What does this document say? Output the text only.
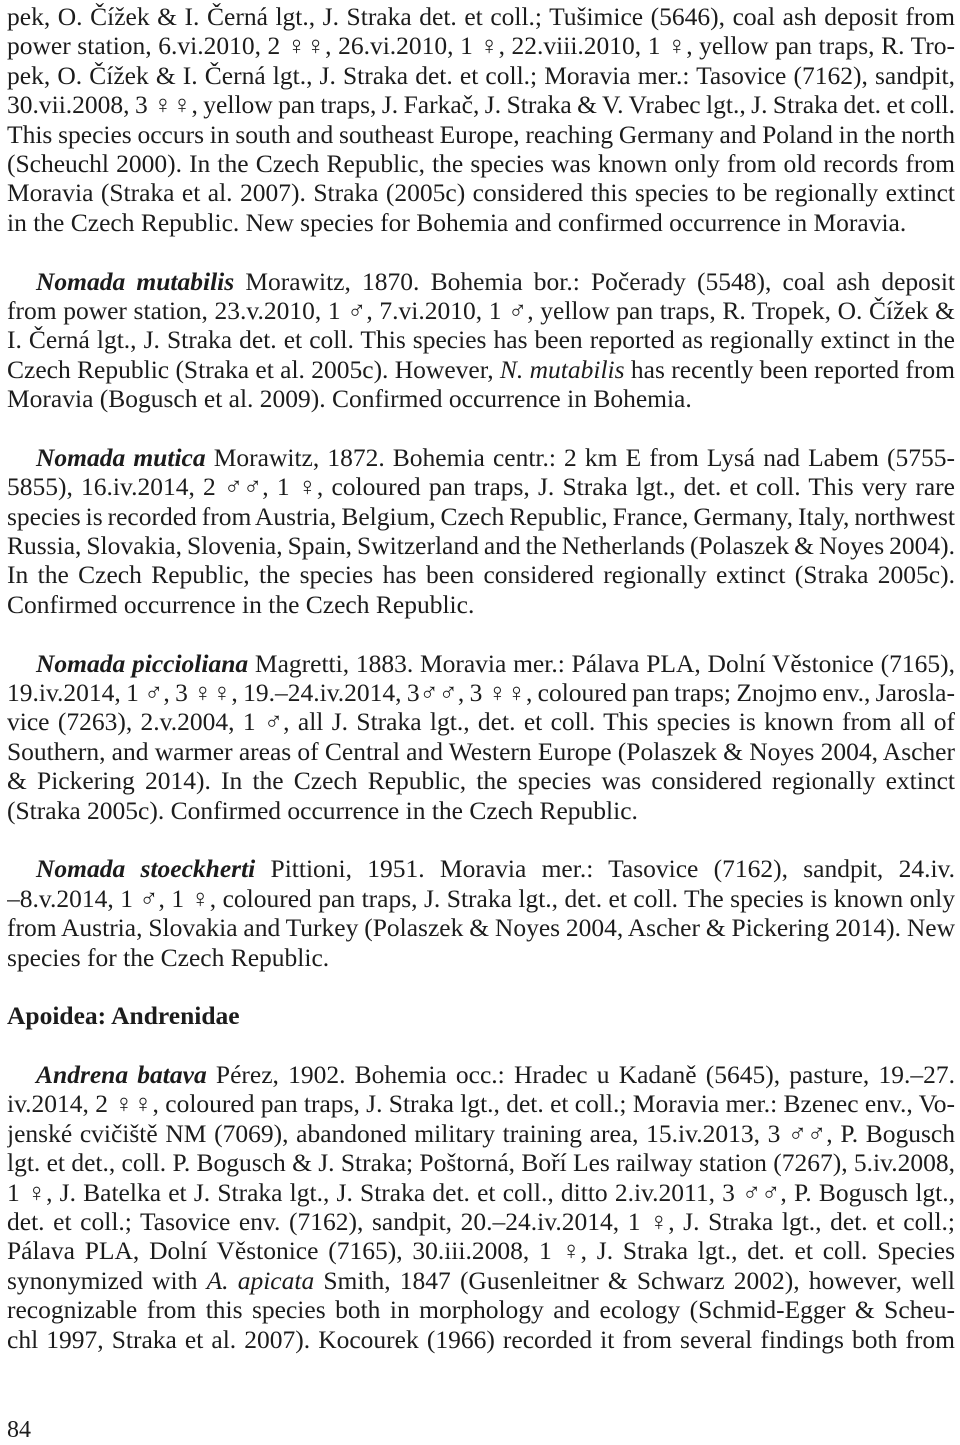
pek, O. Čížek & I. Černá lgt., J. Straka det. et coll.; Tušimice (5646), coal ash deposit from
power station, 6.vi.2010, 2 ♀♀, 26.vi.2010, 1 ♀, 22.viii.2010, 1 ♀, yellow pan traps, R. Tro-
pek, O. Čížek & I. Černá lgt., J. Straka det. et coll.; Moravia mer.: Tasovice (7162), sandpit,
30.vii.2008, 3 ♀♀, yellow pan traps, J. Farkač, J. Straka & V. Vrabec lgt., J. Straka det. et coll.
This species occurs in south and southeast Europe, reaching Germany and Poland in the north
(Scheuchl 2000). In the Czech Republic, the species was known only from old records from
Moravia (Straka et al. 2007). Straka (2005c) considered this species to be regionally extinct
in the Czech Republic. New species for Bohemia and confirmed occurrence in Moravia.
Nomada mutabilis Morawitz, 1870. Bohemia bor.: Počerady (5548), coal ash deposit
from power station, 23.v.2010, 1 ♂, 7.vi.2010, 1 ♂, yellow pan traps, R. Tropek, O. Čížek &
I. Černá lgt., J. Straka det. et coll. This species has been reported as regionally extinct in the
Czech Republic (Straka et al. 2005c). However, N. mutabilis has recently been reported from
Moravia (Bogusch et al. 2009). Confirmed occurrence in Bohemia.
Nomada mutica Morawitz, 1872. Bohemia centr.: 2 km E from Lysá nad Labem (5755-
5855), 16.iv.2014, 2 ♂♂, 1 ♀, coloured pan traps, J. Straka lgt., det. et coll. This very rare
species is recorded from Austria, Belgium, Czech Republic, France, Germany, Italy, northwest
Russia, Slovakia, Slovenia, Spain, Switzerland and the Netherlands (Polaszek & Noyes 2004).
In the Czech Republic, the species has been considered regionally extinct (Straka 2005c).
Confirmed occurrence in the Czech Republic.
Nomada piccioliana Magretti, 1883. Moravia mer.: Pálava PLA, Dolní Věstonice (7165),
19.iv.2014, 1 ♂, 3 ♀♀, 19.–24.iv.2014, 3♂♂, 3 ♀♀, coloured pan traps; Znojmo env., Jarosla-
vice (7263), 2.v.2004, 1 ♂, all J. Straka lgt., det. et coll. This species is known from all of
Southern, and warmer areas of Central and Western Europe (Polaszek & Noyes 2004, Ascher
& Pickering 2014). In the Czech Republic, the species was considered regionally extinct
(Straka 2005c). Confirmed occurrence in the Czech Republic.
Nomada stoeckherti Pittioni, 1951. Moravia mer.: Tasovice (7162), sandpit, 24.iv.
–8.v.2014, 1 ♂, 1 ♀, coloured pan traps, J. Straka lgt., det. et coll. The species is known only
from Austria, Slovakia and Turkey (Polaszek & Noyes 2004, Ascher & Pickering 2014). New
species for the Czech Republic.
Apoidea: Andrenidae
Andrena batava Pérez, 1902. Bohemia occ.: Hradec u Kadaně (5645), pasture, 19.–27.
iv.2014, 2 ♀♀, coloured pan traps, J. Straka lgt., det. et coll.; Moravia mer.: Bzenec env., Vo-
jenské cvičiště NM (7069), abandoned military training area, 15.iv.2013, 3 ♂♂, P. Bogusch
lgt. et det., coll. P. Bogusch & J. Straka; Poštorná, Boří Les railway station (7267), 5.iv.2008,
1 ♀, J. Batelka et J. Straka lgt., J. Straka det. et coll., ditto 2.iv.2011, 3 ♂♂, P. Bogusch lgt.,
det. et coll.; Tasovice env. (7162), sandpit, 20.–24.iv.2014, 1 ♀, J. Straka lgt., det. et coll.;
Pálava PLA, Dolní Věstonice (7165), 30.iii.2008, 1 ♀, J. Straka lgt., det. et coll. Species
synonymized with A. apicata Smith, 1847 (Gusenleitner & Schwarz 2002), however, well
recognizable from this species both in morphology and ecology (Schmid-Egger & Scheu-
chl 1997, Straka et al. 2007). Kocourek (1966) recorded it from several findings both from
84
